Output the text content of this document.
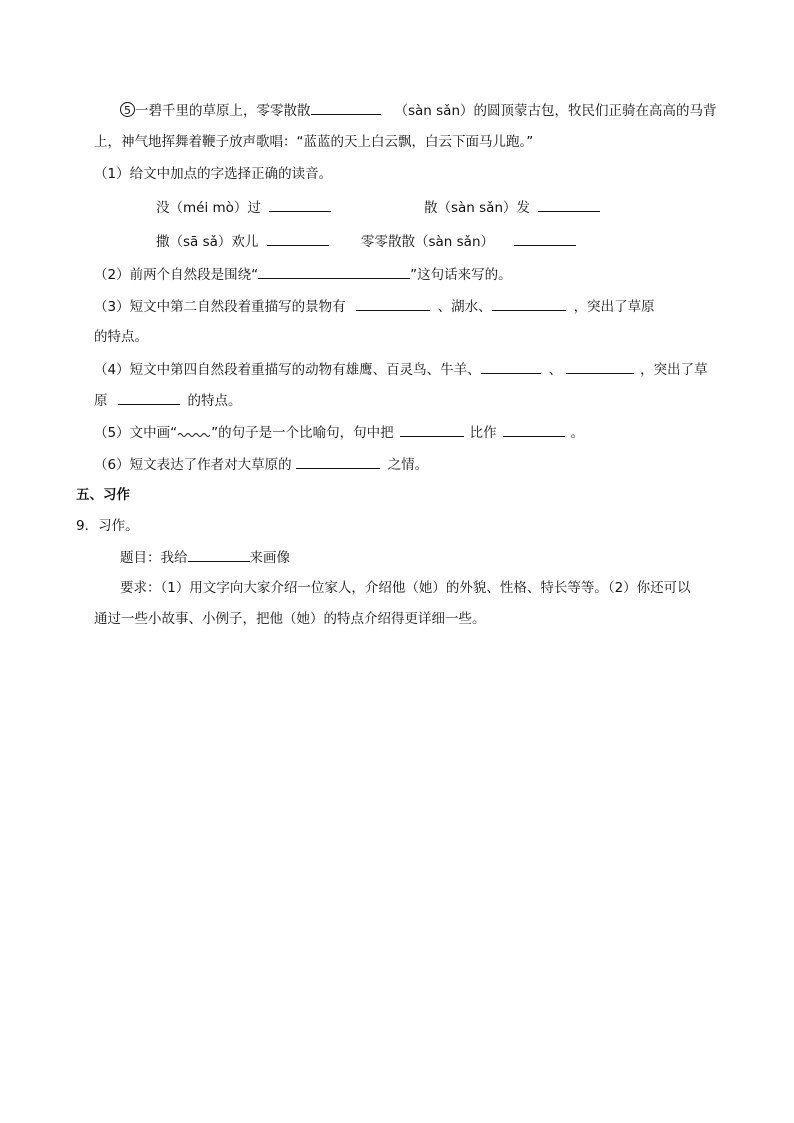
5 一碧千里的草原上，零零散散	（sàn sǎn）的圆顶蒙古包，牧民们正骑在高高的马背
上，神气地挥舞着鞭子放声歌唱：“蓝蓝的天上白云飘，白云下面马儿跑。”
（1）给文中加点的字选择正确的读音。
没（méi mò）过	散（sàn sǎn）发
撒（sā sǎ）欢儿	零零散散（sàn sǎn）
（2）前两个自然段是围绕“	”这句话来写的。
（3）短文中第二自然段着重描写的景物有	、湖水、	，突出了草原
的特点。
（4）短文中第四自然段着重描写的动物有雄鹰、百灵鸟、牛羊、	、	，突出了草
原	的特点。
（5）文中画“	”的句子是一个比喻句，句中把	比作	。
（6）短文表达了作者对大草原的	之情。
五、习作
9．习作。
题目：我给	来画像
要求：（1）用文字向大家介绍一位家人，介绍他（她）的外貌、性格、特长等等。（2）你还可以
通过一些小故事、小例子，把他（她）的特点介绍得更详细一些。
